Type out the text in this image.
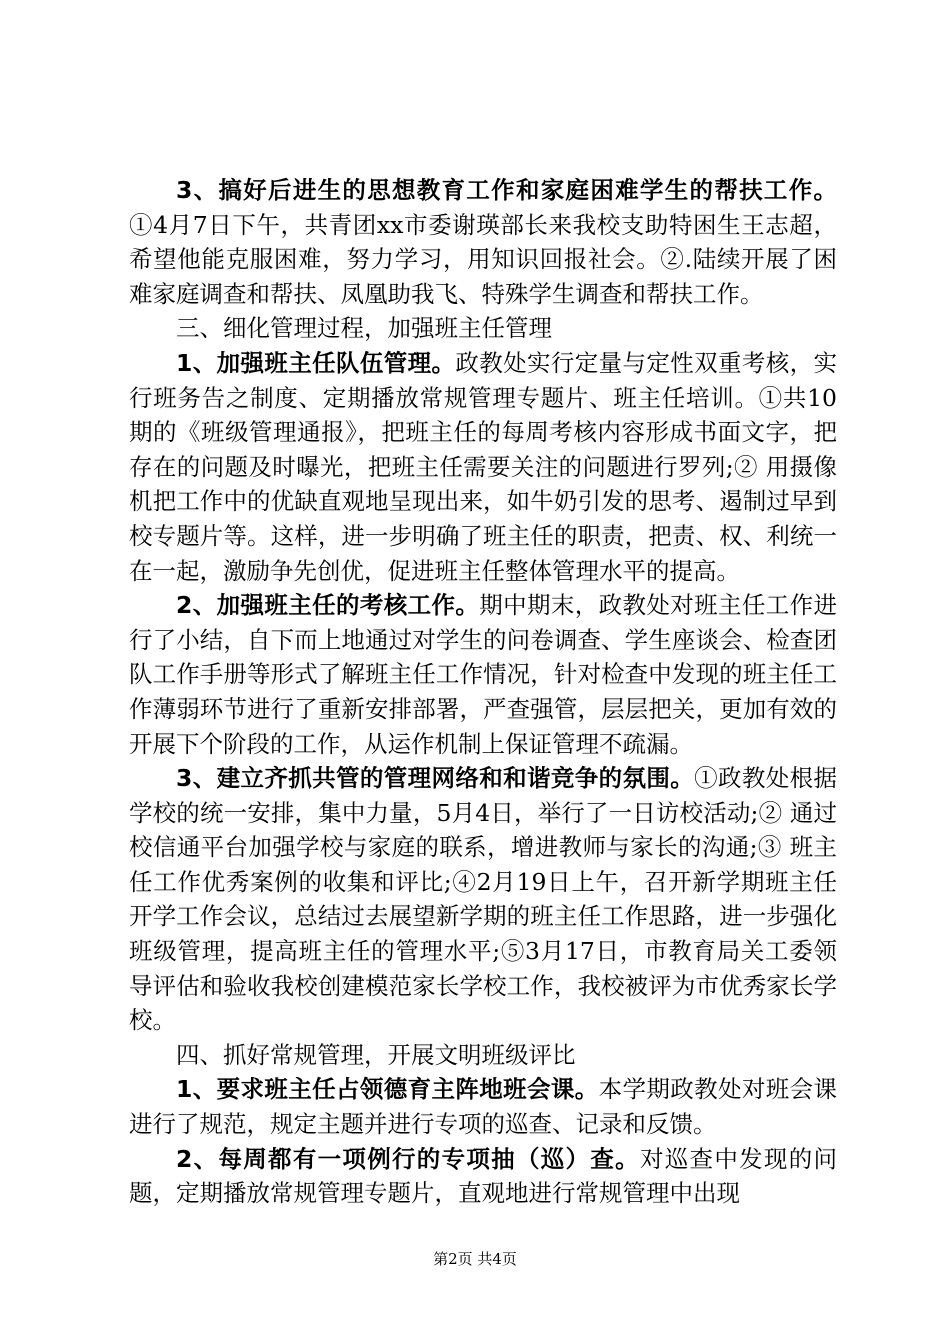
3、搞好后进生的思想教育工作和家庭困难学生的帮扶工作。①4月7日下午，共青团xx市委谢瑛部长来我校支助特困生王志超，希望他能克服困难，努力学习，用知识回报社会。②.陆续开展了困难家庭调查和帮扶、凤凰助我飞、特殊学生调查和帮扶工作。

三、细化管理过程，加强班主任管理

1、加强班主任队伍管理。政教处实行定量与定性双重考核，实行班务告之制度、定期播放常规管理专题片、班主任培训。①共10期的《班级管理通报》，把班主任的每周考核内容形成书面文字，把存在的问题及时曝光，把班主任需要关注的问题进行罗列;② 用摄像机把工作中的优缺直观地呈现出来，如牛奶引发的思考、遏制过早到校专题片等。这样，进一步明确了班主任的职责，把责、权、利统一在一起，激励争先创优，促进班主任整体管理水平的提高。

2、加强班主任的考核工作。期中期末，政教处对班主任工作进行了小结，自下而上地通过对学生的问卷调查、学生座谈会、检查团队工作手册等形式了解班主任工作情况，针对检查中发现的班主任工作薄弱环节进行了重新安排部署，严查强管，层层把关，更加有效的开展下个阶段的工作，从运作机制上保证管理不疏漏。

3、建立齐抓共管的管理网络和和谐竞争的氛围。①政教处根据学校的统一安排，集中力量，5月4日，举行了一日访校活动;② 通过校信通平台加强学校与家庭的联系，增进教师与家长的沟通;③ 班主任工作优秀案例的收集和评比;④2月19日上午，召开新学期班主任开学工作会议，总结过去展望新学期的班主任工作思路，进一步强化班级管理，提高班主任的管理水平;⑤3月17日，市教育局关工委领导评估和验收我校创建模范家长学校工作，我校被评为市优秀家长学校。

四、抓好常规管理，开展文明班级评比

1、要求班主任占领德育主阵地班会课。本学期政教处对班会课进行了规范，规定主题并进行专项的巡查、记录和反馈。

2、每周都有一项例行的专项抽（巡）查。对巡查中发现的问题，定期播放常规管理专题片，直观地进行常规管理中出现

第2页 共4页
